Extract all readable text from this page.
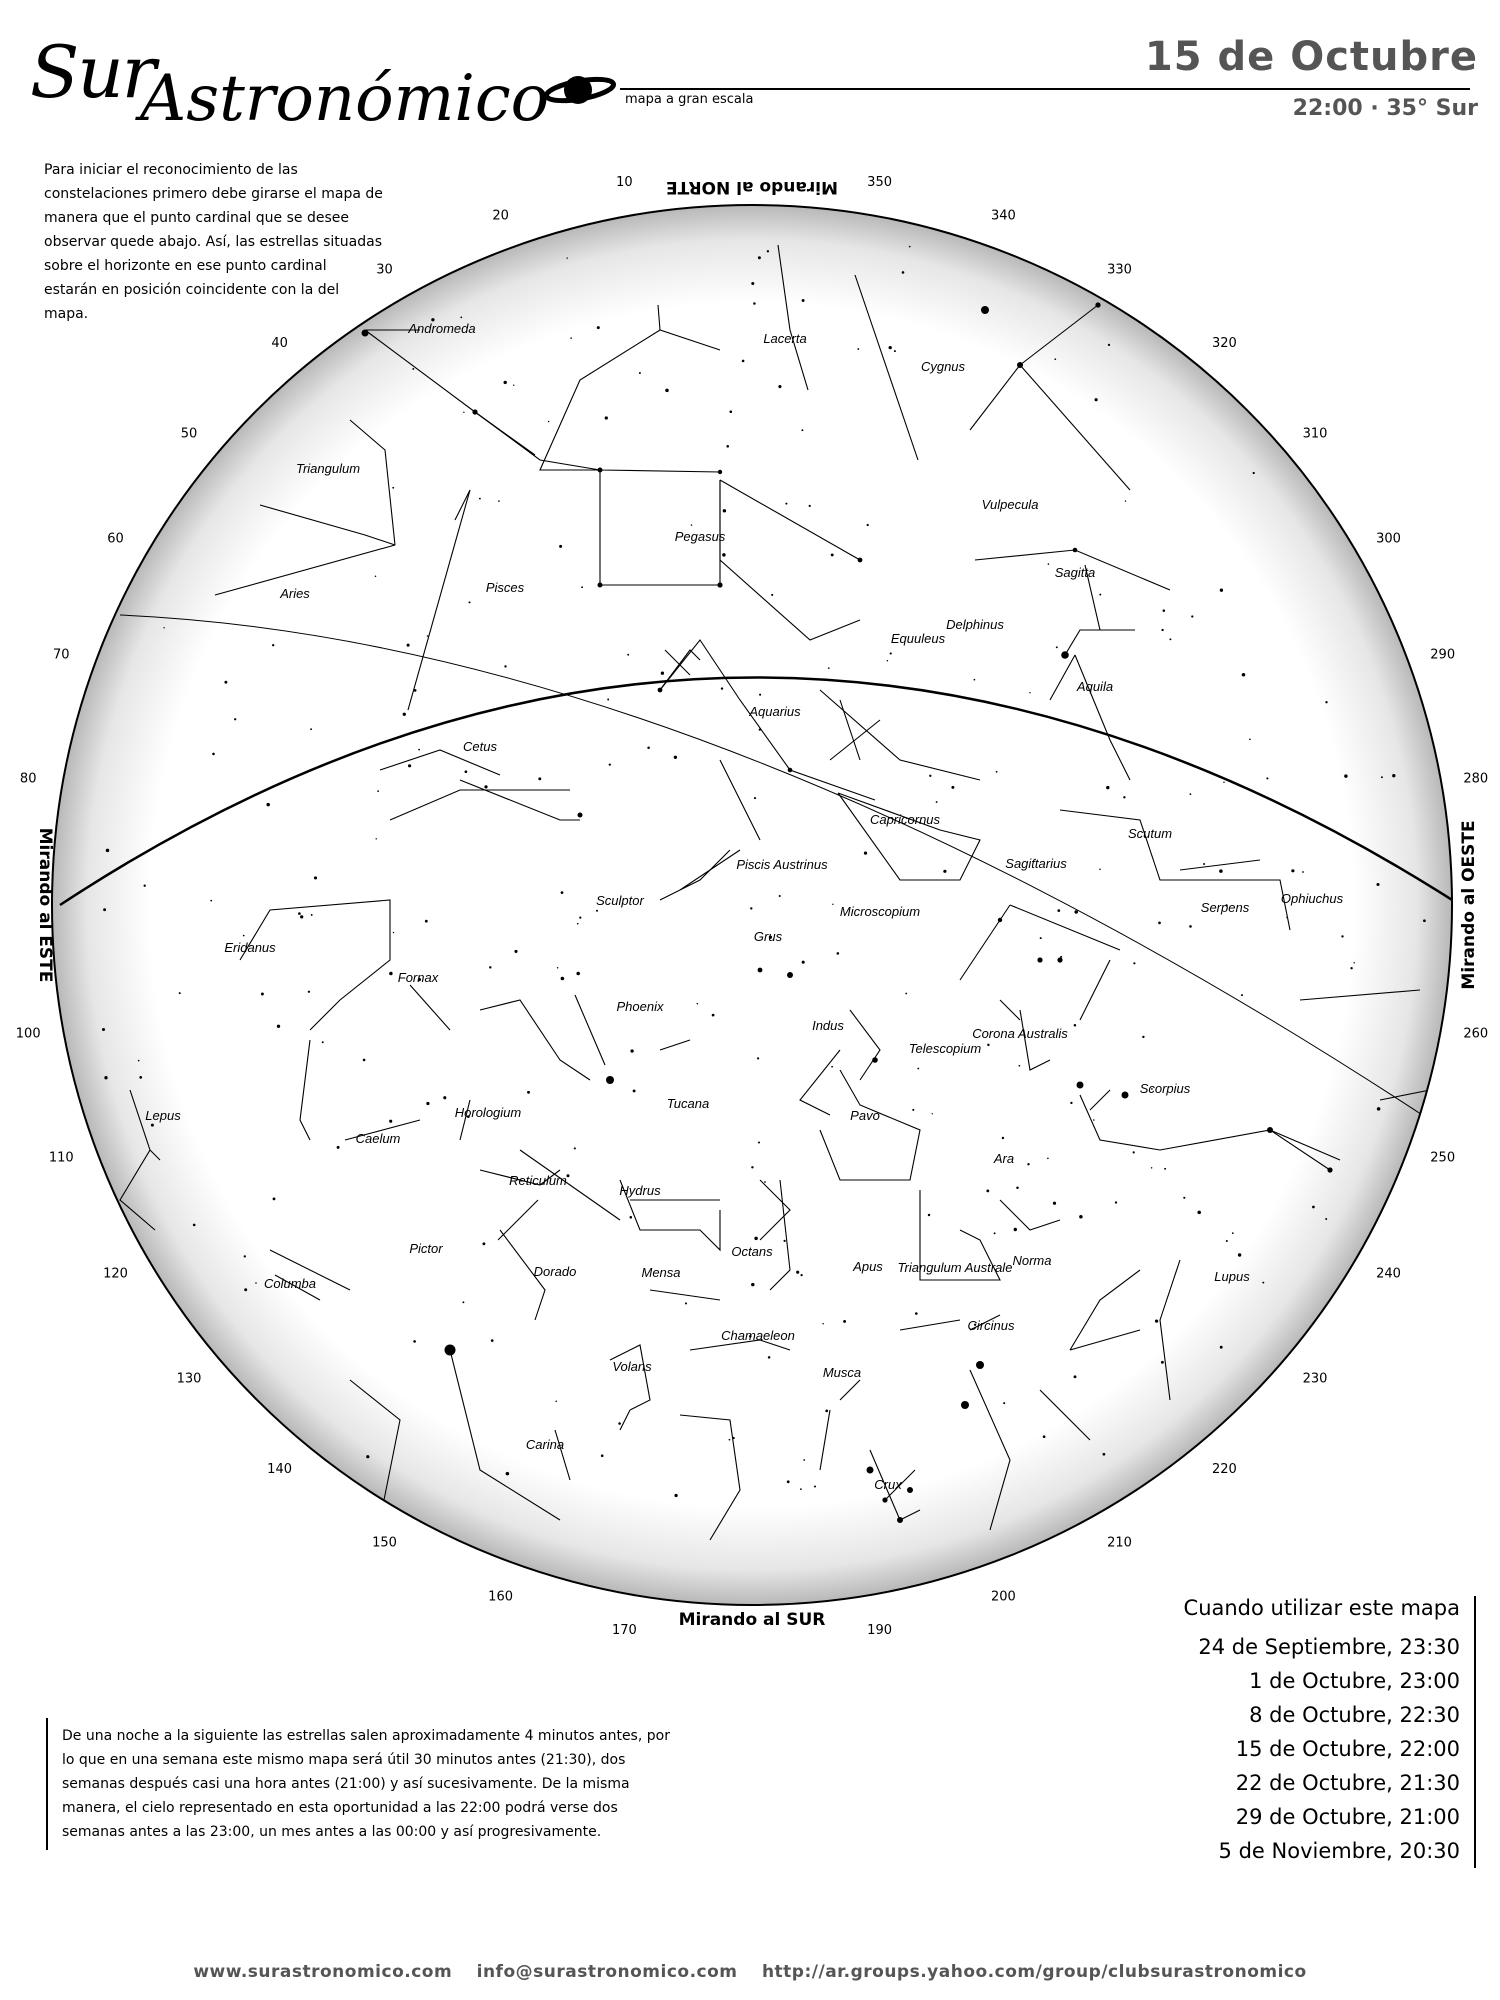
Sur
Astronómico	mapa a gran escala
15 de Octubre
22:00 · 35° Sur
Para iniciar el reconocimiento de las constelaciones primero debe girarse el mapa de manera que el punto cardinal que se desee observar quede abajo. Así, las estrellas situadas sobre el horizonte en ese punto cardinal estarán en posición coincidente con la del mapa.
10
20
30
40
50
60
70
80
100
110
120
130
140
150
160
170	190
200
210
220
230
240
250
260
280
290
300
310
320
330
340
350
Andromeda
Lacerta
Cygnus
Triangulum
Vulpecula
Pegasus
Sagitta
Aries	Pisces
Delphinus
Equuleus
Aquila
Aquarius
Cetus
Capricornus
Scutum
Piscis Austrinus	Sagittarius
Sculptor	Serpens
Ophiuchus
Microscopium
Grus
Eridanus
Fornax
Phoenix
Indus
Corona Australis
Telescopium
Scorpius
Tucana
Pavo
Lepus	Horologium
Caelum
Ara
Reticulum
Hydrus
Pictor	Octans
Dorado	Mensa	Apus Triangulum Australe Norma
Columba	Lupus
Chamaeleon
Circinus
Volans	Musca
Carina
Crux
Mirando al NORTE
Mirando al SUR
Mirando al ESTE	Mirando al OESTE
Cuando utilizar este mapa
24 de Septiembre, 23:30
1 de Octubre, 23:00
8 de Octubre, 22:30
15 de Octubre, 22:00
22 de Octubre, 21:30
29 de Octubre, 21:00
5 de Noviembre, 20:30
De una noche a la siguiente las estrellas salen aproximadamente 4 minutos antes, por lo que en una semana este mismo mapa será útil 30 minutos antes (21:30), dos semanas después casi una hora antes (21:00) y así sucesivamente. De la misma manera, el cielo representado en esta oportunidad a las 22:00 podrá verse dos semanas antes a las 23:00, un mes antes a las 00:00 y así progresivamente.
www.surastronomico.com info@surastronomico.com http://ar.groups.yahoo.com/group/clubsurastronomico
